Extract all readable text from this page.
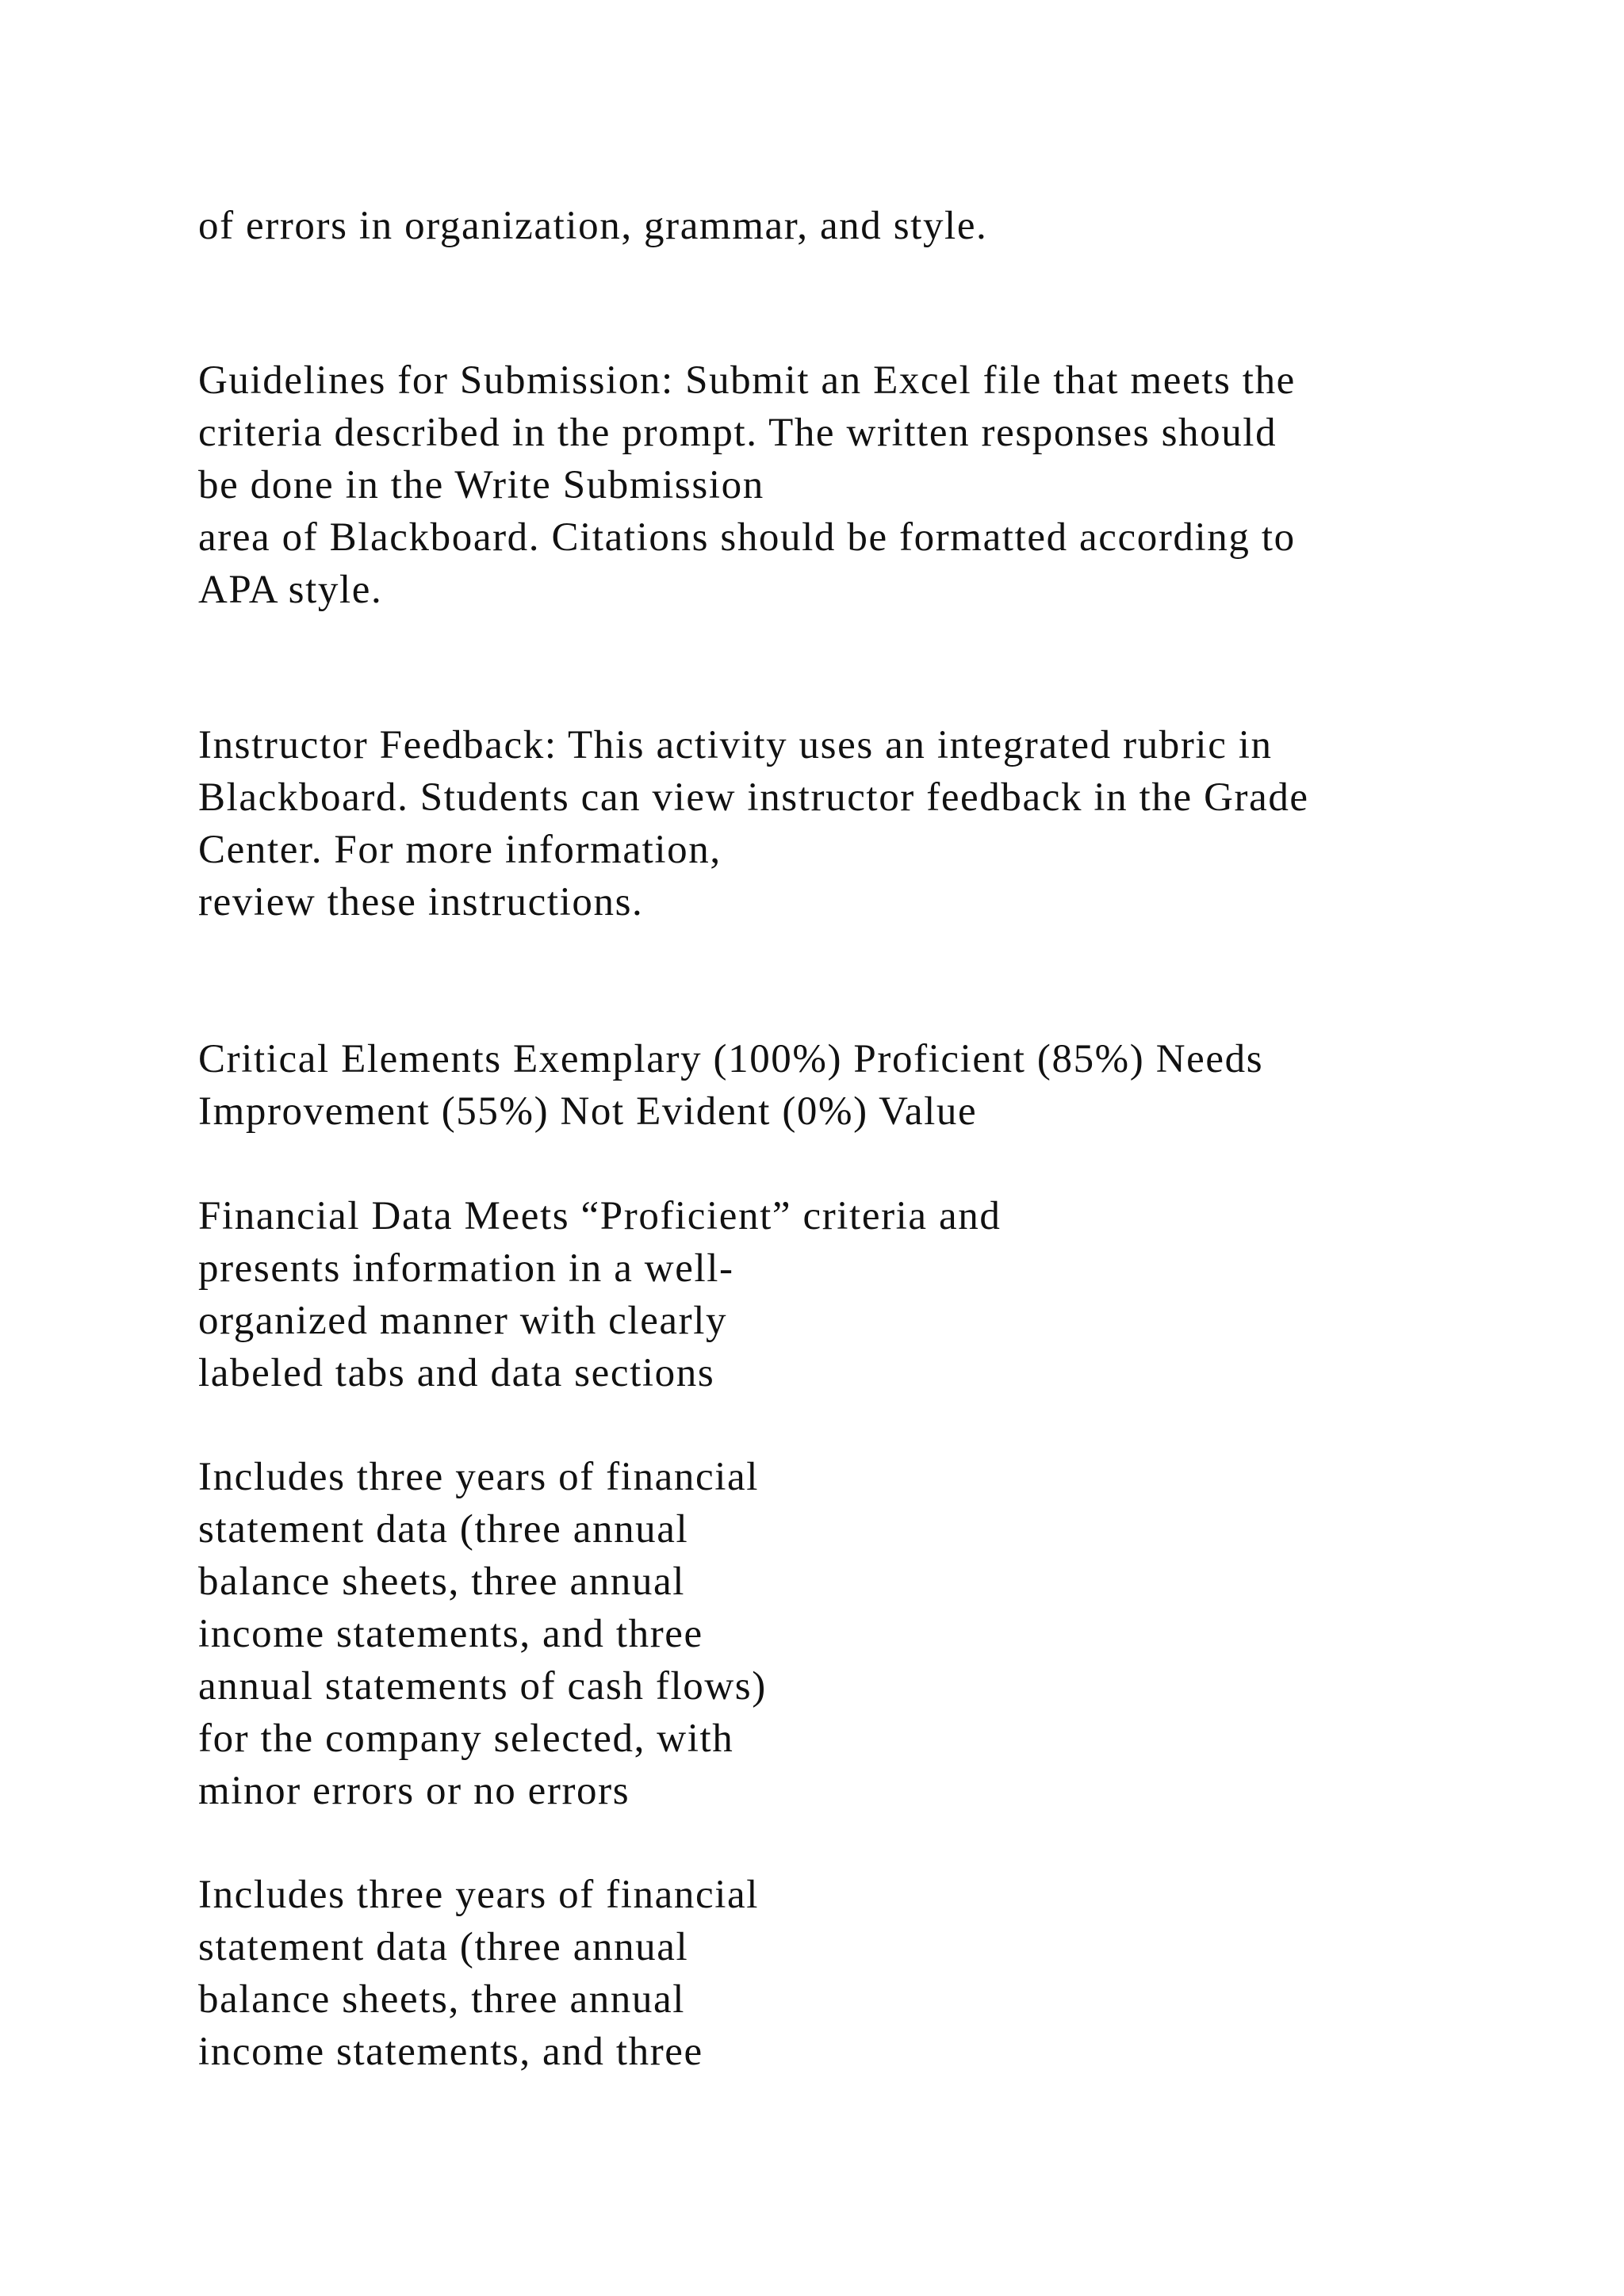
of errors in organization, grammar, and style.
Guidelines for Submission: Submit an Excel file that meets the
criteria described in the prompt. The written responses should
be done in the Write Submission
area of Blackboard. Citations should be formatted according to
APA style.
Instructor Feedback: This activity uses an integrated rubric in
Blackboard. Students can view instructor feedback in the Grade
Center. For more information,
review these instructions.
Critical Elements Exemplary (100%) Proficient (85%) Needs
Improvement (55%) Not Evident (0%) Value
Financial Data Meets “Proficient” criteria and
presents information in a well-
organized manner with clearly
labeled tabs and data sections
Includes three years of financial
statement data (three annual
balance sheets, three annual
income statements, and three
annual statements of cash flows)
for the company selected, with
minor errors or no errors
Includes three years of financial
statement data (three annual
balance sheets, three annual
income statements, and three
